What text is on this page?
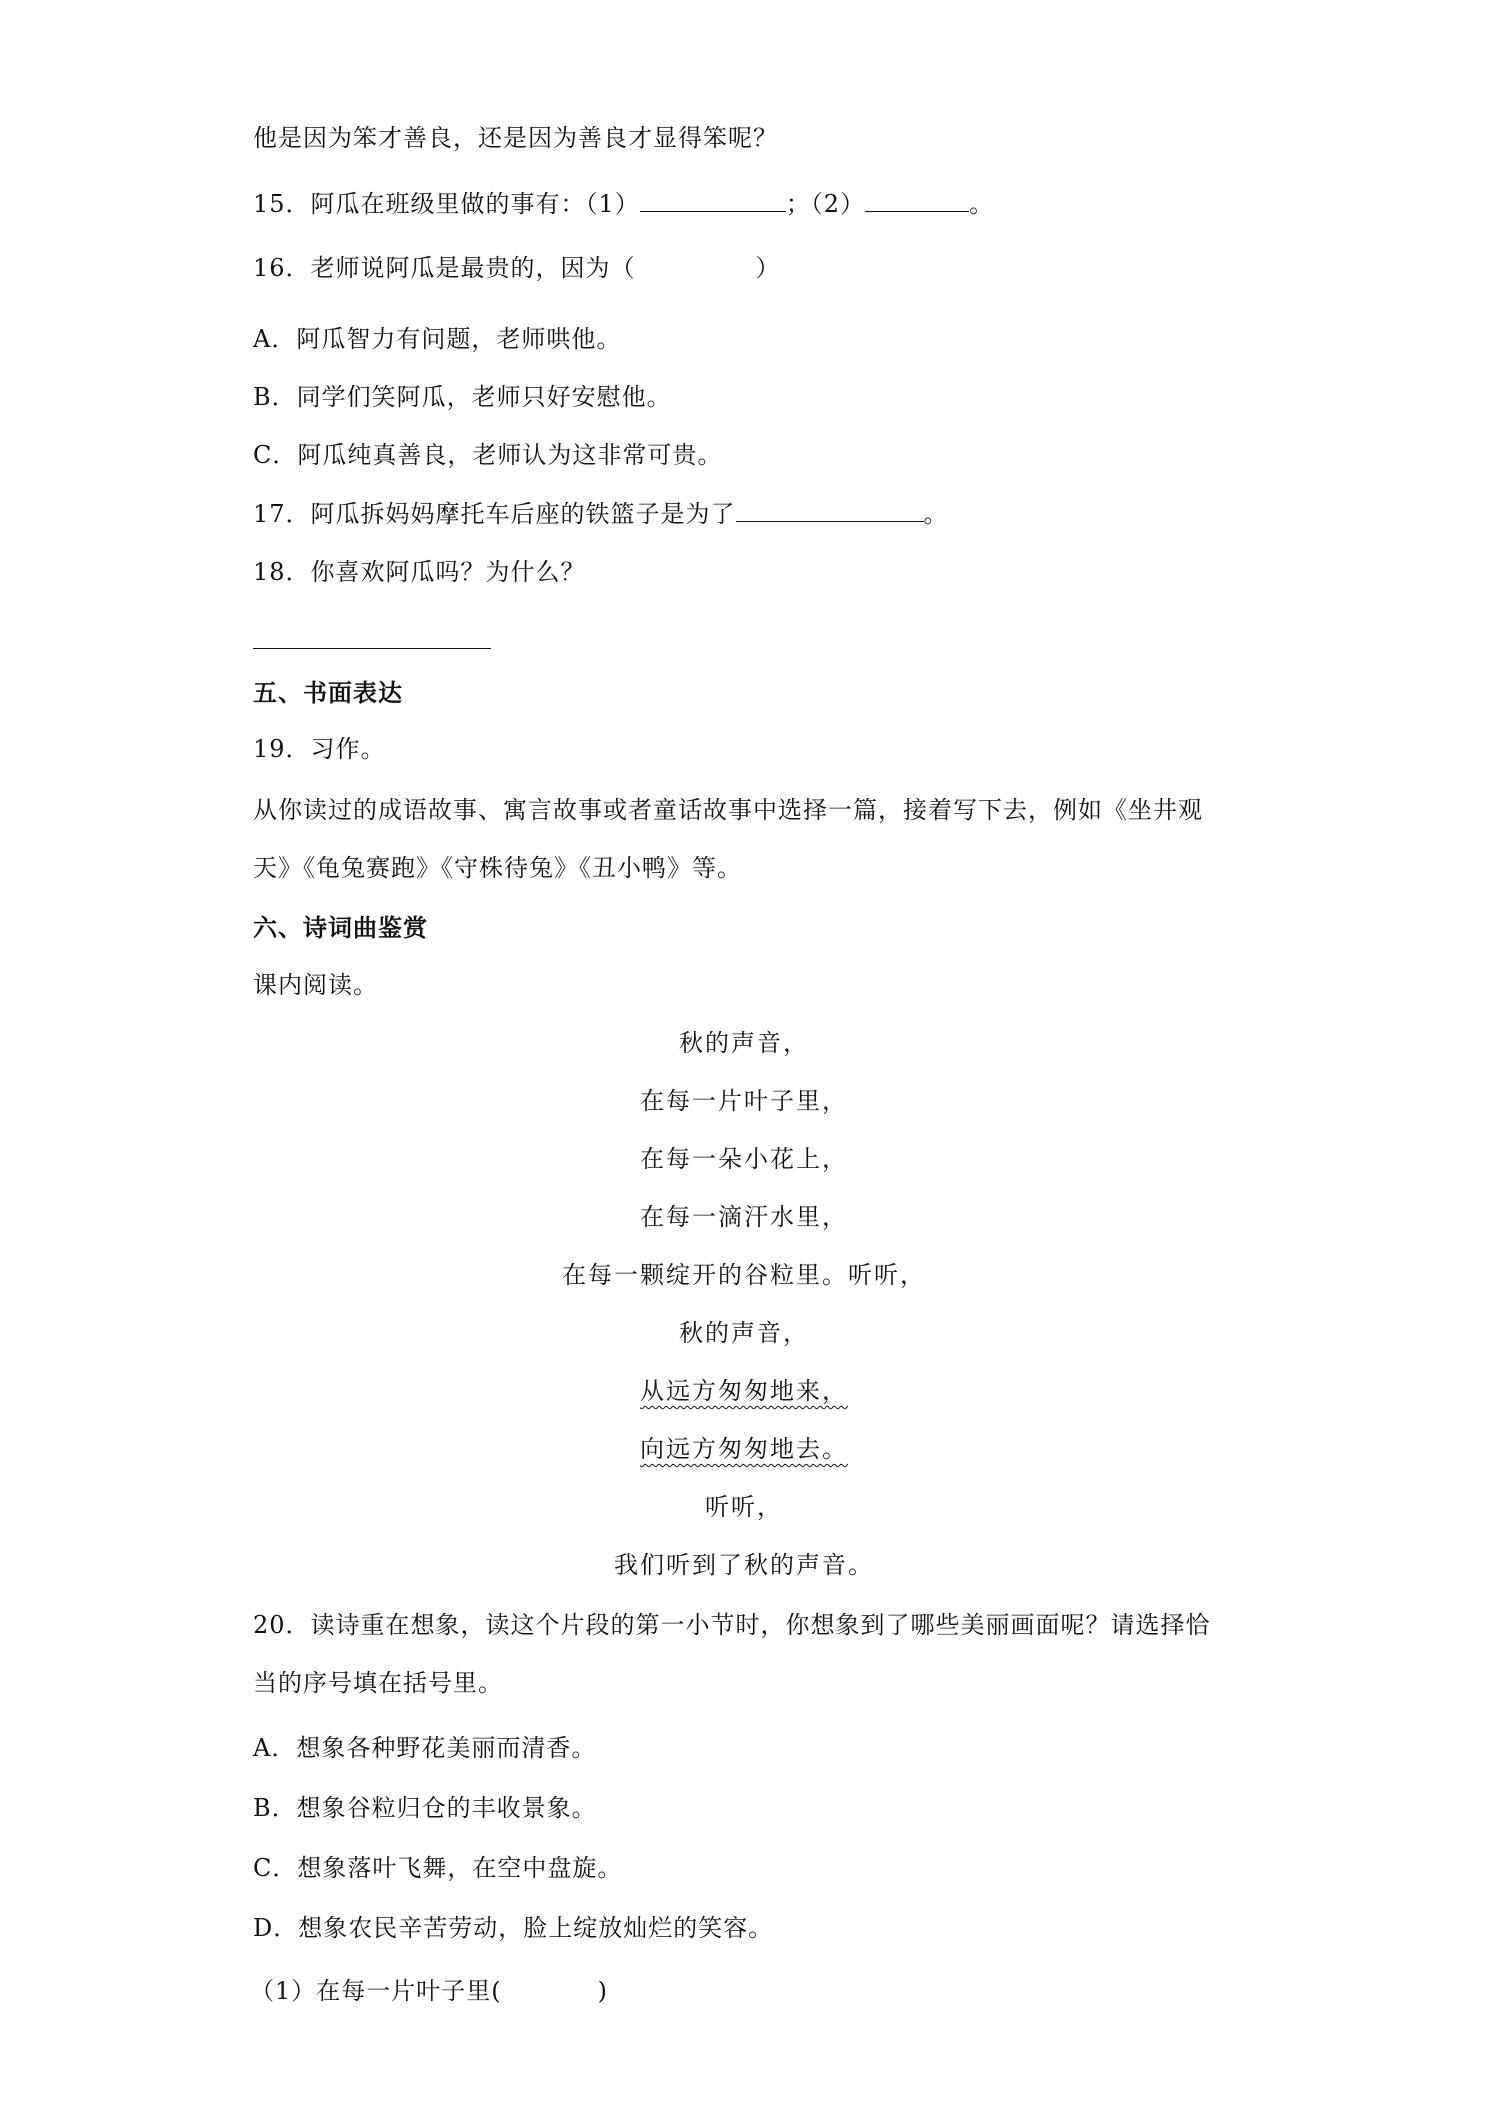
他是因为笨才善良，还是因为善良才显得笨呢？
15．阿瓜在班级里做的事有：（1）	；（2）	。
16．老师说阿瓜是最贵的，因为（	）
A．阿瓜智力有问题，老师哄他。
B．同学们笑阿瓜，老师只好安慰他。
C．阿瓜纯真善良，老师认为这非常可贵。
17．阿瓜拆妈妈摩托车后座的铁篮子是为了	。
18．你喜欢阿瓜吗？为什么？
五、书面表达
19．习作。
从你读过的成语故事、寓言故事或者童话故事中选择一篇，接着写下去，例如《坐井观
天》《龟兔赛跑》《守株待兔》《丑小鸭》等。
六、诗词曲鉴赏
课内阅读。
秋的声音，
在每一片叶子里，
在每一朵小花上，
在每一滴汗水里，
在每一颗绽开的谷粒里。听听，
秋的声音，
从远方匆匆地来，
向远方匆匆地去。
听听，
我们听到了秋的声音。
20．读诗重在想象，读这个片段的第一小节时，你想象到了哪些美丽画面呢？请选择恰
当的序号填在括号里。
A．想象各种野花美丽而清香。
B．想象谷粒归仓的丰收景象。
C．想象落叶飞舞，在空中盘旋。
D．想象农民辛苦劳动，脸上绽放灿烂的笑容。
（1）在每一片叶子里(	)
